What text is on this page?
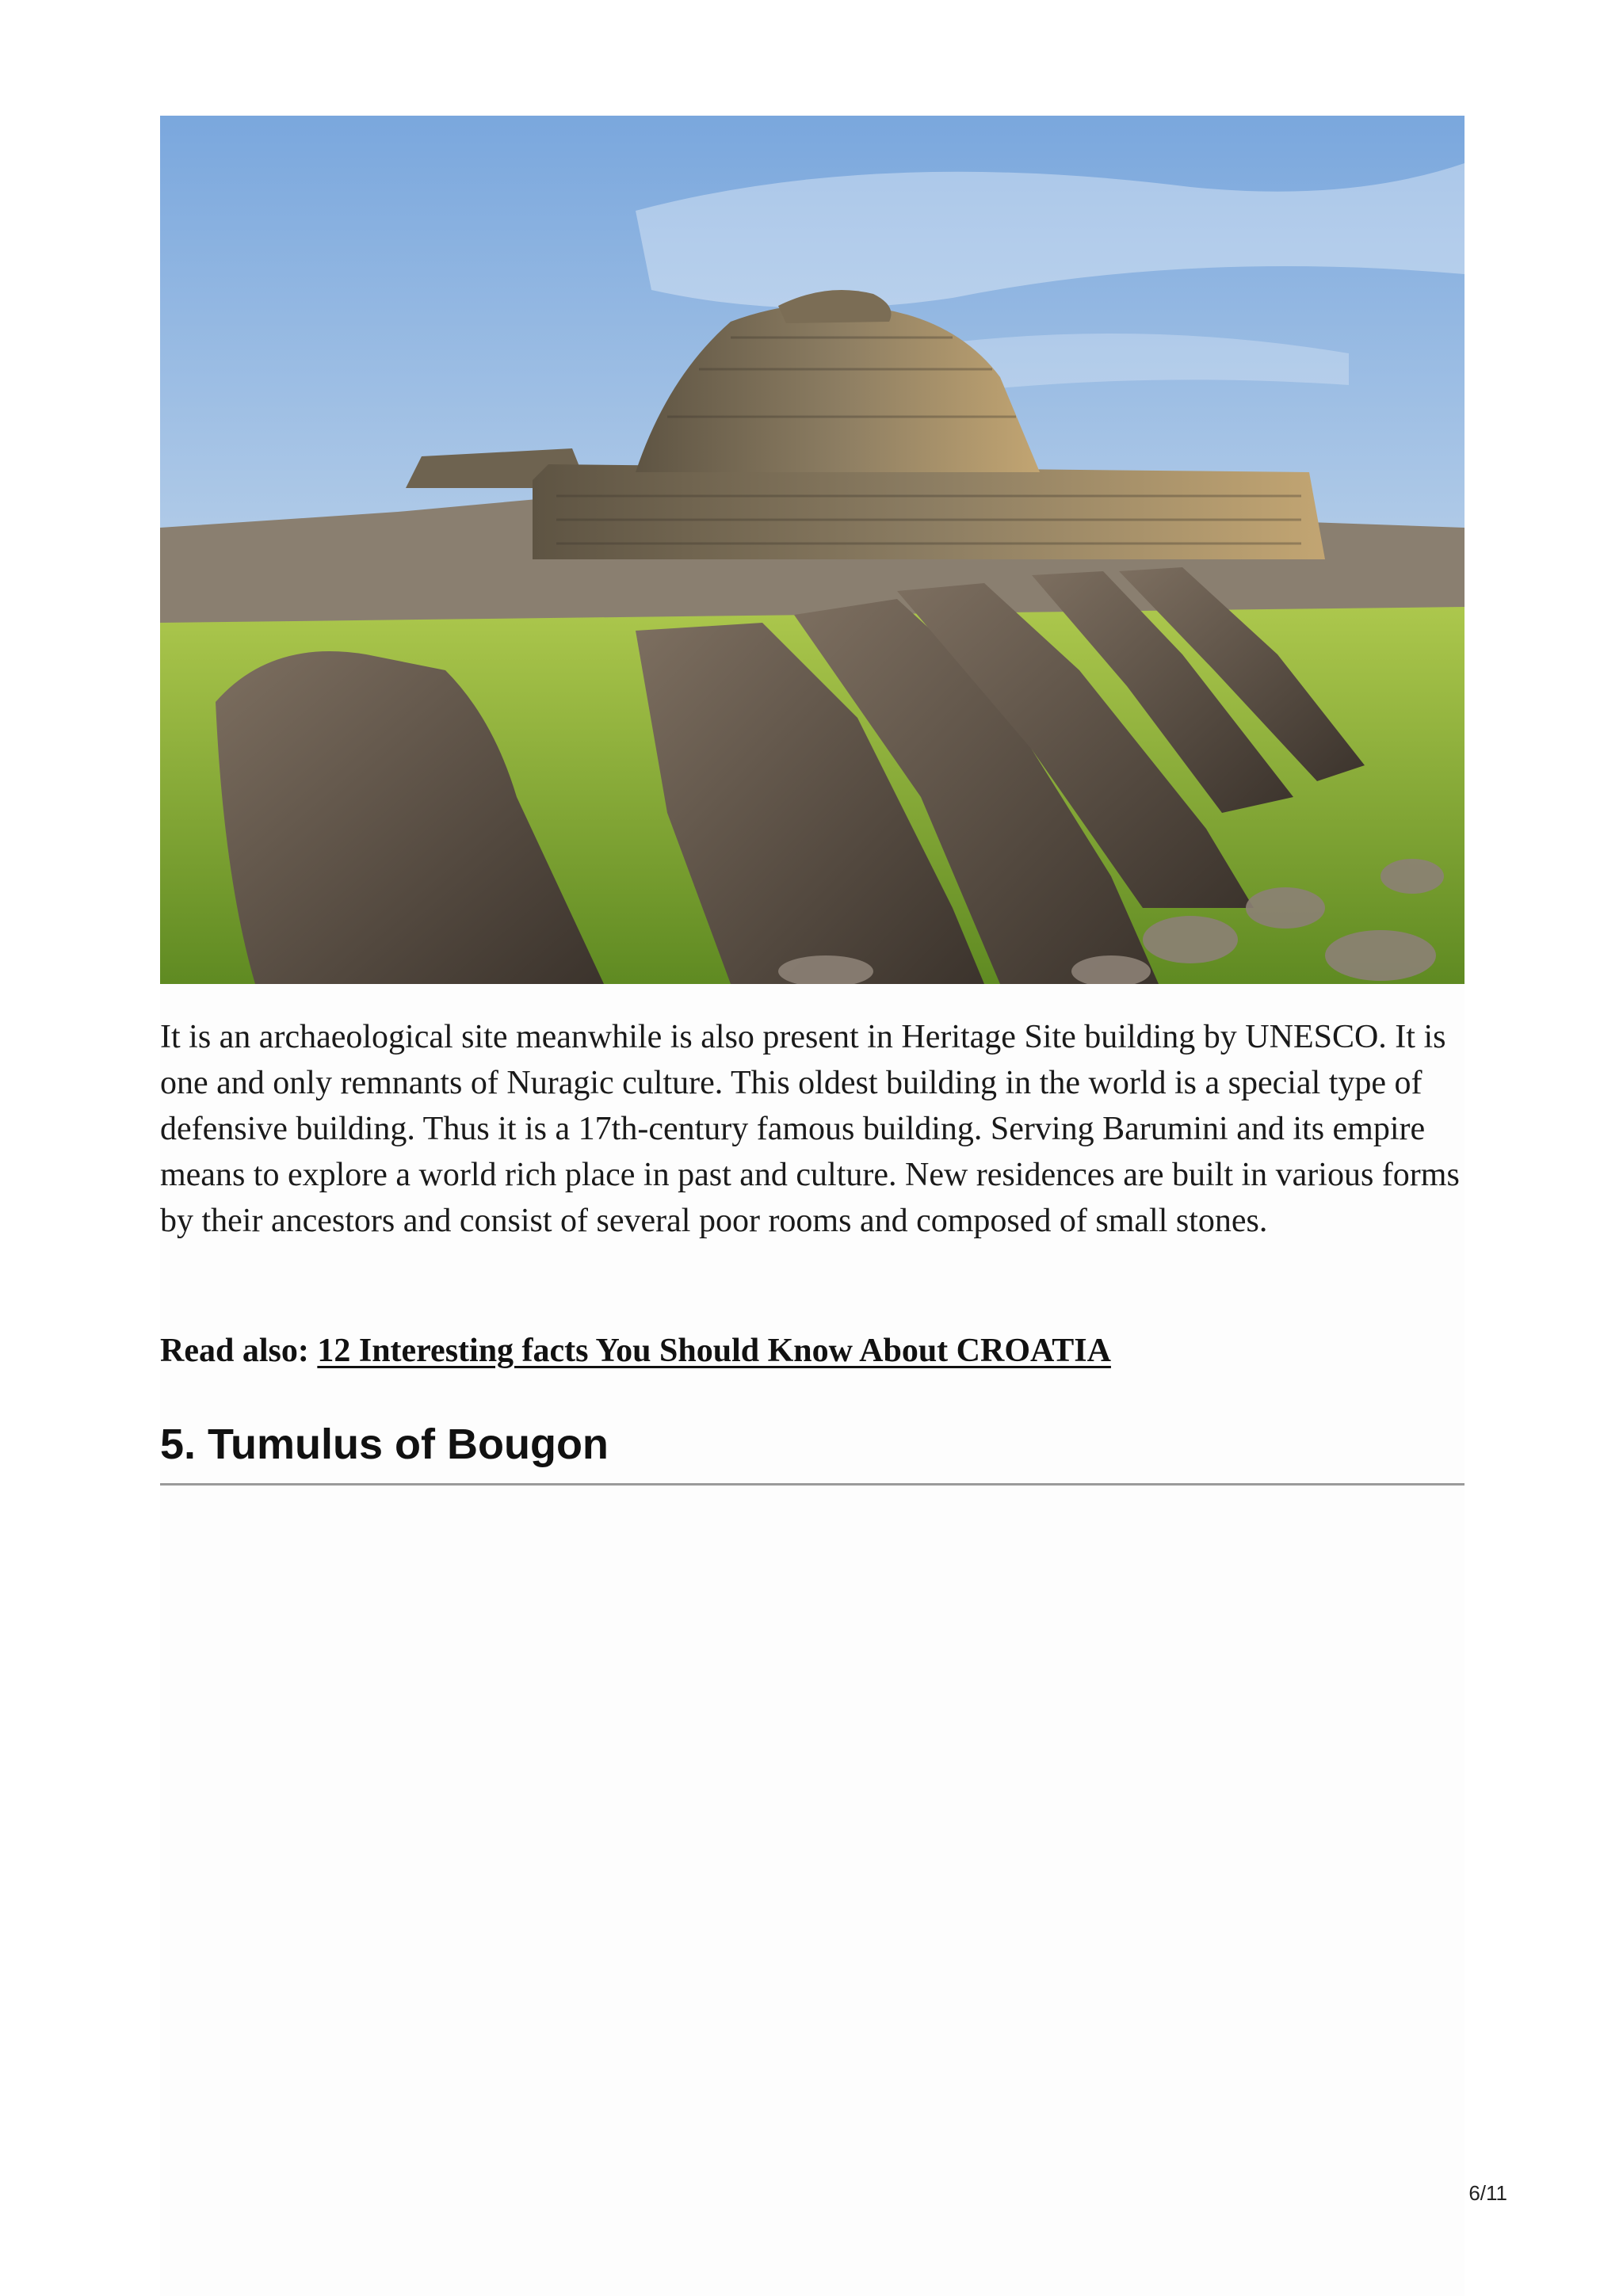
It is an archaeological site meanwhile is also present in Heritage Site building by UNESCO. It is one and only remnants of Nuragic culture. This oldest building in the world is a special type of defensive building. Thus it is a 17th-century famous building. Serving Barumini and its empire means to explore a world rich place in past and culture. New residences are built in various forms by their ancestors and consist of several poor rooms and composed of small stones.

Read also: 12 Interesting facts You Should Know About CROATIA

5. Tumulus of Bougon
6/11
